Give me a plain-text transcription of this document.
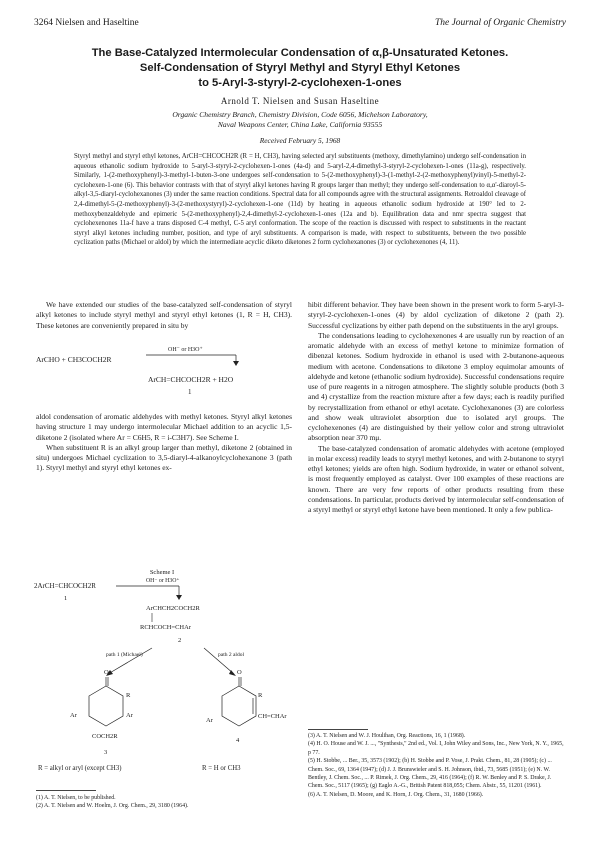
3264 Nielsen and Haseltine	The Journal of Organic Chemistry
The Base-Catalyzed Intermolecular Condensation of α,β-Unsaturated Ketones.
Self-Condensation of Styryl Methyl and Styryl Ethyl Ketones
to 5-Aryl-3-styryl-2-cyclohexen-1-ones
Arnold T. Nielsen and Susan Haseltine
Organic Chemistry Branch, Chemistry Division, Code 6056, Michelson Laboratory,
Naval Weapons Center, China Lake, California 93555
Received February 5, 1968
Styryl methyl and styryl ethyl ketones, ArCH=CHCOCH2R (R = H, CH3), having selected aryl substituents (methoxy, dimethylamino) undergo self-condensation in aqueous ethanolic sodium hydroxide to 5-aryl-3-styryl-2-cyclohexen-1-ones (4a-d) and 5-aryl-2,4-dimethyl-3-styryl-2-cyclohexen-1-ones (11a-g), respectively. Similarly, 1-(2-methoxyphenyl)-3-methyl-1-buten-3-one undergoes self-condensation to 5-(2-methoxyphenyl)-3-(1-methyl-2-(2-methoxyphenyl)vinyl)-5-methyl-2-cyclohexen-1-one (6). This behavior contrasts with that of styryl alkyl ketones having R groups larger than methyl; they undergo self-condensation to α,α'-diaroyl-5-alkyl-3,5-diaryl-cyclohexanones (3) under the same reaction conditions. Spectral data for all compounds agree with the structural assignments. Retroaldol cleavage of 2,4-dimethyl-5-(2-methoxyphenyl)-3-(2-methoxystyryl)-2-cyclohexen-1-one (11d) by heating in aqueous ethanolic sodium hydroxide at 190° led to 2-methoxybenzaldehyde and epimeric 5-(2-methoxyphenyl)-2,4-dimethyl-2-cyclohexen-1-ones (12a and b). Equilibration data and nmr spectra suggest that cyclohexenones 11a-f have a trans disposed C-4 methyl, C-5 aryl conformation. The scope of the reaction is discussed with respect to substituents in the reactant styryl alkyl ketones including number, position, and type of aryl substituents. A comparison is made, with respect to substituents, between the two possible cyclization paths (Michael or aldol) by which the intermediate acyclic diketo diketones 2 form cyclohexanones (3) or cyclohexenones (4, 11).

We have extended our studies of the base-catalyzed self-condensation of styryl alkyl ketones to include styryl methyl and styryl ethyl ketones (1, R = H, CH3). These ketones are conveniently prepared in situ by

ArCHO + CH3COCH2R
OH⁻ or H3O⁺
ArCH=CHCOCH2R + H2O
1

aldol condensation of aromatic aldehydes with methyl ketones. Styryl alkyl ketones having structure 1 may undergo intermolecular Michael addition to an acyclic 1,5-diketone 2 (isolated where Ar = C6H5, R = i-C3H7). See Scheme I.

When substituent R is an alkyl group larger than methyl, diketone 2 (obtained in situ) undergoes Michael cyclization to 3,5-diaryl-4-alkanoylcyclohexanone 3 (path 1). Styryl methyl and styryl ethyl ketones ex-

Scheme I
2ArCH=CHCOCH2R
1
OH⁻ or H3O⁺
ArCHCH2COCH2R
RCHCOCH=CHAr
2
path 1 (Michael)	path 2 aldol
O
R
Ar
Ar
COCH2R
3
O
R
Ar
CH=CHAr
4
R = alkyl or aryl (except CH3)	R = H or CH3

(1) A. T. Nielsen, to be published.

(2) A. T. Nielsen and W. Hoelm, J. Org. Chem., 29, 3180 (1964).

hibit different behavior. They have been shown in the present work to form 5-aryl-3-styryl-2-cyclohexen-1-ones (4) by aldol cyclization of diketone 2 (path 2). Successful cyclizations by either path depend on the substituents in the aryl groups.

The condensations leading to cyclohexenones 4 are usually run by reaction of an aromatic aldehyde with an excess of methyl ketone to minimize formation of dibenzal ketones. Sodium hydroxide in ethanol is used with 2-butanone-aqueous medium with acetone. Condensations to diketone 3 employ equimolar amounts of aldehyde and ketone (ethanolic sodium hydroxide). Successful condensations require use of pure reagents in a nitrogen atmosphere. The slightly soluble products (both 3 and 4) crystallize from the reaction mixture after a few days; each is readily purified by recrystallization from ethanol or ethyl acetate. Cyclohexanones (3) are colorless and show weak ultraviolet absorption due to isolated aryl groups. The cyclohexenones (4) are distinguished by their yellow color and strong ultraviolet absorption near 370 mμ.

The base-catalyzed condensation of aromatic aldehydes with acetone (employed in molar excess) readily leads to styryl methyl ketones, and with 2-butanone to styryl ethyl ketones; yields are often high. Sodium hydroxide, in water or ethanol solvent, is most frequently employed as catalyst. Over 100 examples of these reactions are known. There are very few reports of other products resulting from these condensations. In particular, products derived by intermolecular self-condensation of a styryl methyl or styryl ethyl ketone have been mentioned. It only a few publica-

(3) A. T. Nielsen and W. J. Houlihan, Org. Reactions, 16, 1 (1968).

(4) H. O. House and W. J. ..., "Synthesis," 2nd ed., Vol. I, John Wiley and Sons, Inc., New York, N. Y., 1965, p 77.

(5) H. Stobbe, ... Ber., 35, 3573 (1902); (b) H. Stobbe and P. Vose, J. Prakt. Chem., 81, 28 (1905); (c) ... Chem. Soc., 69, 1364 (1947); (d) J. J. Brunswieler and S. H. Johnson, ibid., 73, 5685 (1951); (e) N. W. Bentley, J. Chem. Soc., ... P. Rimek, J. Org. Chem., 29, 416 (1964); (f) R. W. Benley and P. S. Drake, J. Chem. Soc., 5117 (1965); (g) Eaglo A.-G., British Patent 818,055; Chem. Abstr., 55, 11201 (1961).

(6) A. T. Nielsen, D. Moore, and K. Horn, J. Org. Chem., 31, 1680 (1966).
